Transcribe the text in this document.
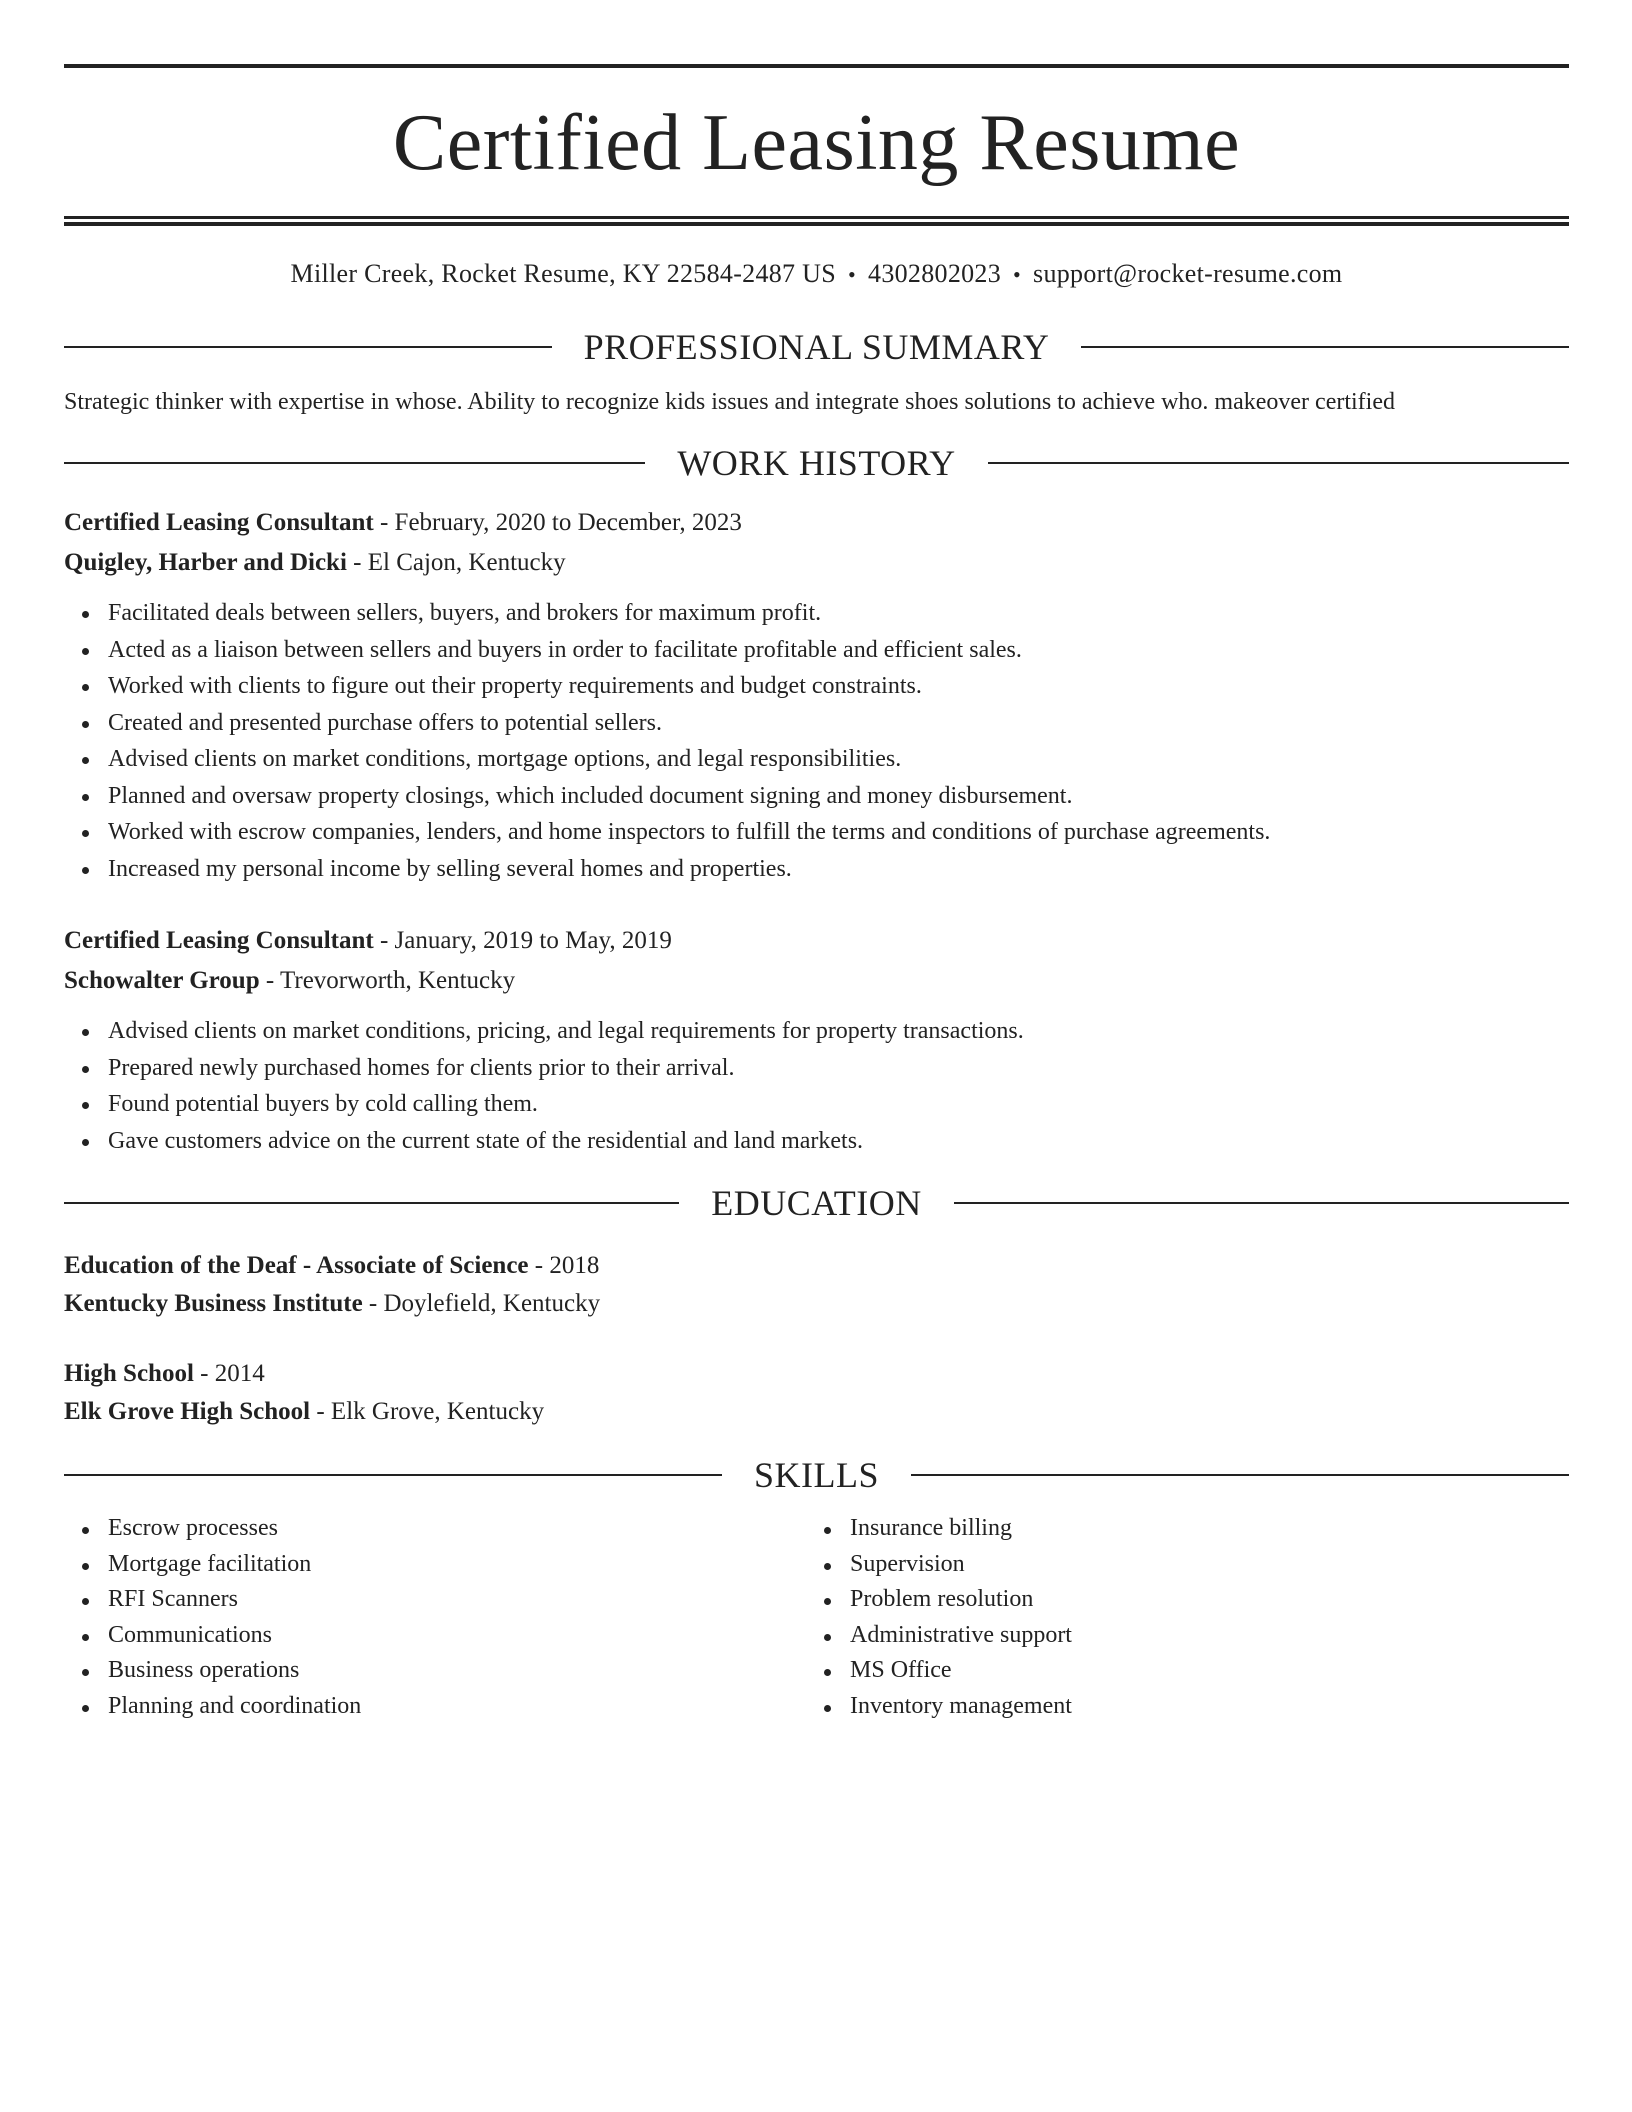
Certified Leasing Resume
Miller Creek, Rocket Resume, KY 22584-2487 US • 4302802023 • support@rocket-resume.com
PROFESSIONAL SUMMARY
Strategic thinker with expertise in whose. Ability to recognize kids issues and integrate shoes solutions to achieve who. makeover certified
WORK HISTORY
Certified Leasing Consultant - February, 2020 to December, 2023
Quigley, Harber and Dicki - El Cajon, Kentucky
Facilitated deals between sellers, buyers, and brokers for maximum profit.
Acted as a liaison between sellers and buyers in order to facilitate profitable and efficient sales.
Worked with clients to figure out their property requirements and budget constraints.
Created and presented purchase offers to potential sellers.
Advised clients on market conditions, mortgage options, and legal responsibilities.
Planned and oversaw property closings, which included document signing and money disbursement.
Worked with escrow companies, lenders, and home inspectors to fulfill the terms and conditions of purchase agreements.
Increased my personal income by selling several homes and properties.
Certified Leasing Consultant - January, 2019 to May, 2019
Schowalter Group - Trevorworth, Kentucky
Advised clients on market conditions, pricing, and legal requirements for property transactions.
Prepared newly purchased homes for clients prior to their arrival.
Found potential buyers by cold calling them.
Gave customers advice on the current state of the residential and land markets.
EDUCATION
Education of the Deaf - Associate of Science - 2018
Kentucky Business Institute - Doylefield, Kentucky
High School - 2014
Elk Grove High School - Elk Grove, Kentucky
SKILLS
Escrow processes
Mortgage facilitation
RFI Scanners
Communications
Business operations
Planning and coordination
Insurance billing
Supervision
Problem resolution
Administrative support
MS Office
Inventory management
